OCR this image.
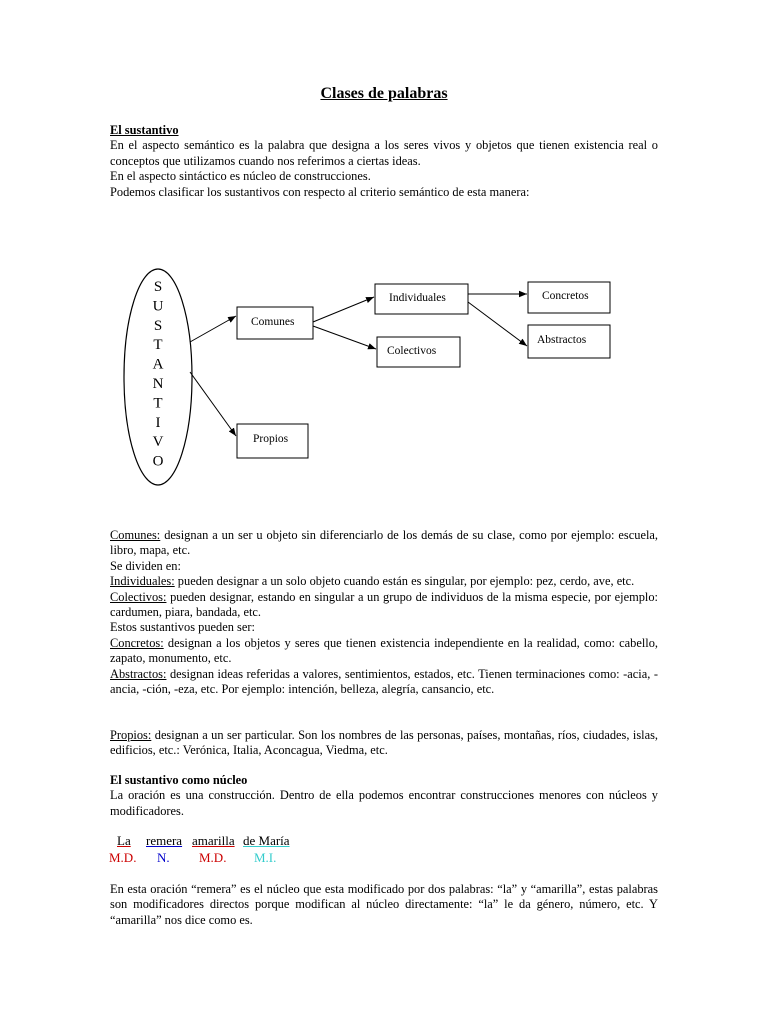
Clases de palabras

El sustantivo

En el aspecto semántico es la palabra que designa a los seres vivos y objetos que tienen existencia real o conceptos que utilizamos cuando nos referimos a ciertas ideas.

En el aspecto sintáctico es núcleo de construcciones.

Podemos clasificar los sustantivos con respecto al criterio semántico de esta manera:

S
U
S
T
A
N
T
I
V
O
Comunes
Propios
Individuales
Colectivos
Concretos
Abstractos

Comunes: designan a un ser u objeto sin diferenciarlo de los demás de su clase, como por ejemplo: escuela, libro, mapa, etc.

Se dividen en:

Individuales: pueden designar a un solo objeto cuando están es singular, por ejemplo: pez, cerdo, ave, etc.

Colectivos: pueden designar, estando en singular a un grupo de individuos de la misma especie, por ejemplo: cardumen, piara, bandada, etc.

Estos sustantivos pueden ser:

Concretos: designan a los objetos y seres que tienen existencia independiente en la realidad, como: cabello, zapato, monumento, etc.

Abstractos: designan ideas referidas a valores, sentimientos, estados, etc. Tienen terminaciones como: -acia, -ancia, -ción, -eza, etc. Por ejemplo: intención, belleza, alegría, cansancio, etc.

Propios: designan a un ser particular. Son los nombres de las personas, países, montañas, ríos, ciudades, islas, edificios, etc.: Verónica, Italia, Aconcagua, Viedma, etc.

El sustantivo como núcleo

La oración es una construcción. Dentro de ella podemos encontrar construcciones menores con núcleos y modificadores.

La remera amarilla de María
M.D. N. M.D. M.I.

En esta oración “remera” es el núcleo que esta modificado por dos palabras: “la” y “amarilla”, estas palabras son modificadores directos porque modifican al núcleo directamente: “la” le da género, número, etc. Y “amarilla” nos dice como es.
